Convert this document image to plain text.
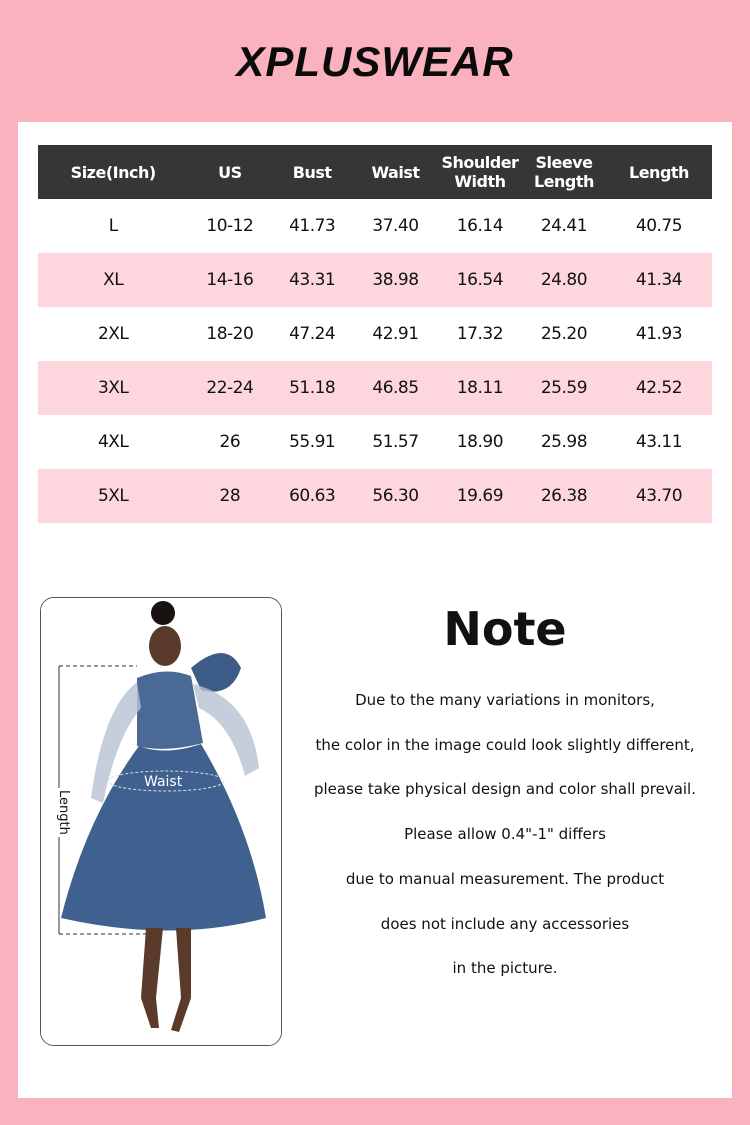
XPLUSWEAR
Size(Inch)	US	Bust	Waist	Shoulder Width	Sleeve Length	Length
L	10-12	41.73	37.40	16.14	24.41	40.75
XL	14-16	43.31	38.98	16.54	24.80	41.34
2XL	18-20	47.24	42.91	17.32	25.20	41.93
3XL	22-24	51.18	46.85	18.11	25.59	42.52
4XL	26	55.91	51.57	18.90	25.98	43.11
5XL	28	60.63	56.30	19.69	26.38	43.70
Length
Waist
Note
Due to the many variations in monitors,
the color in the image could look slightly different,
please take physical design and color shall prevail.
Please allow 0.4"-1" differs
due to manual measurement. The product
does not include any accessories
in the picture.
